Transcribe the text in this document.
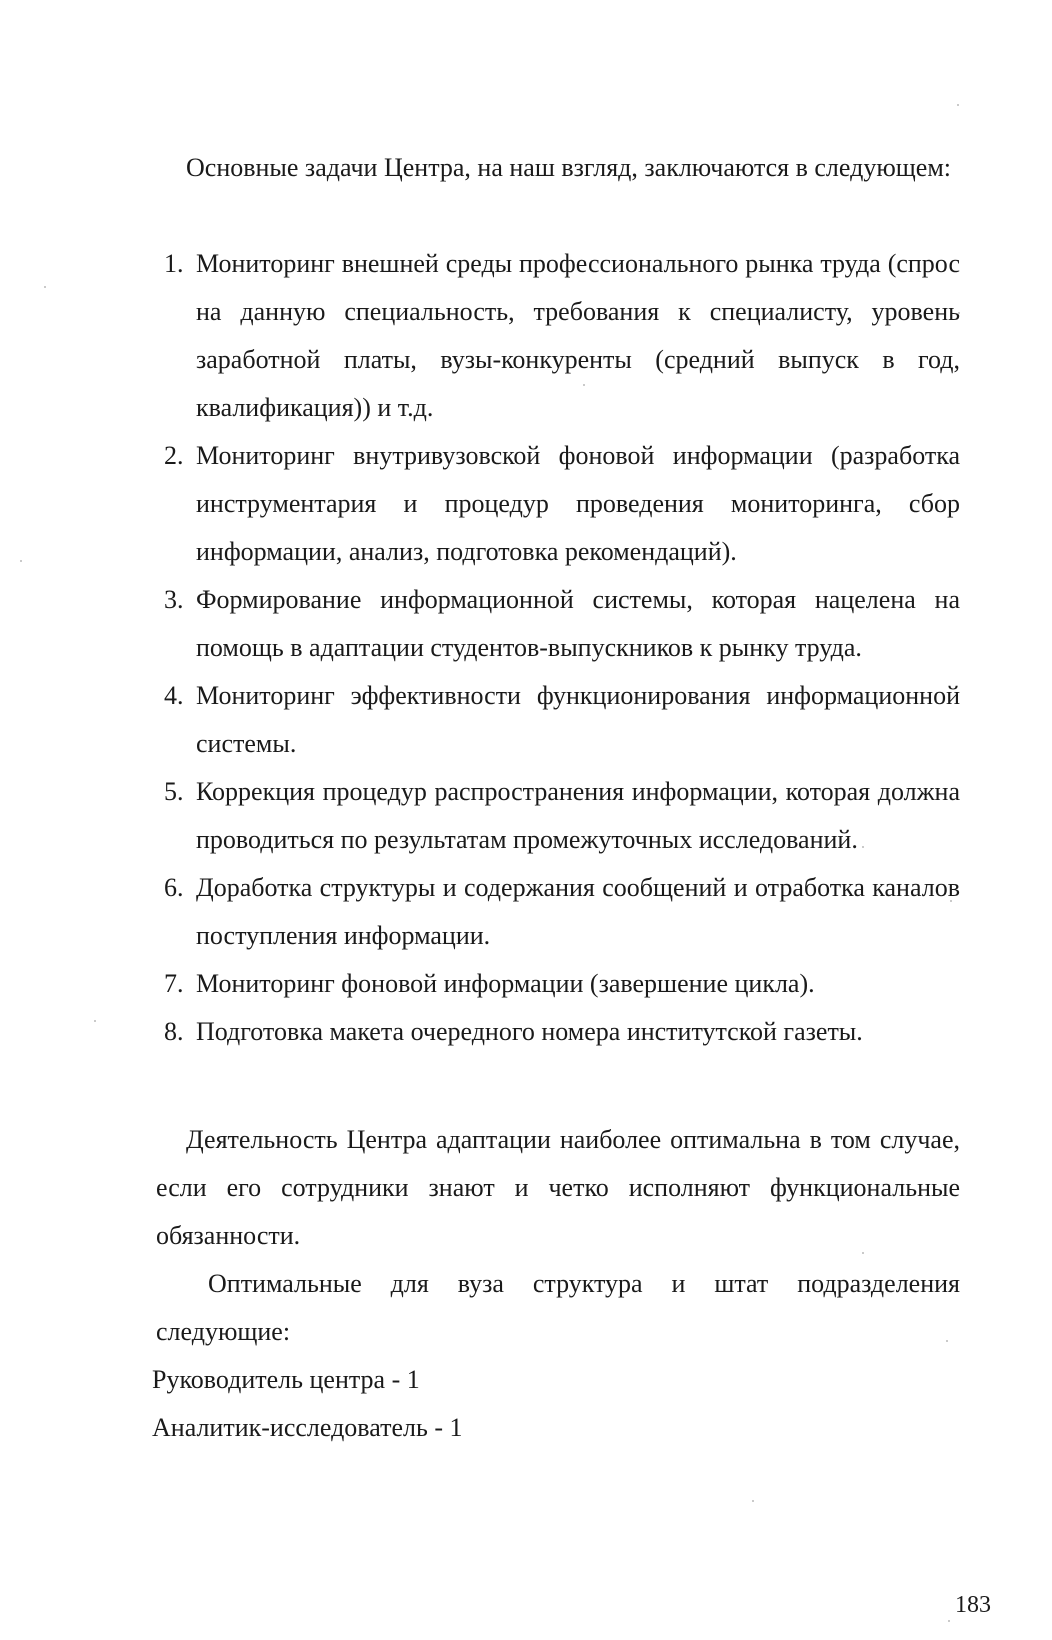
Основные задачи Центра, на наш взгляд, заключаются в следующем:

1. Мониторинг внешней среды профессионального рынка труда (спрос на данную специальность, требования к специалисту, уровень заработной платы, вузы-конкуренты (средний выпуск в год, квалификация)) и т.д.
2. Мониторинг внутривузовской фоновой информации (разработка инструментария и процедур проведения мониторинга, сбор информации, анализ, подготовка рекомендаций).
3. Формирование информационной системы, которая нацелена на помощь в адаптации студентов-выпускников к рынку труда.
4. Мониторинг эффективности функционирования информационной системы.
5. Коррекция процедур распространения информации, которая должна проводиться по результатам промежуточных исследований.
6. Доработка структуры и содержания сообщений и отработка каналов поступления информации.
7. Мониторинг фоновой информации (завершение цикла).
8. Подготовка макета очередного номера институтской газеты.

Деятельность Центра адаптации наиболее оптимальна в том случае, если его сотрудники знают и четко исполняют функциональные обязанности.

Оптимальные для вуза структура и штат подразделения следующие:

Руководитель центра - 1

Аналитик-исследователь - 1

183
